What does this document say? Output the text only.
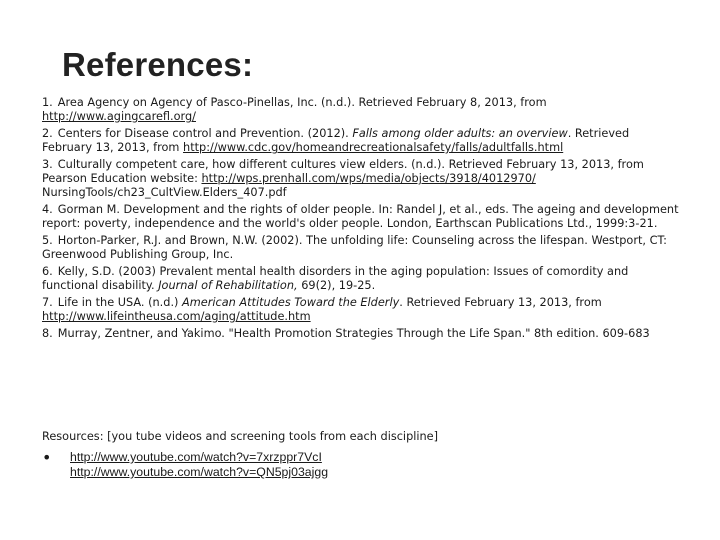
References:
1. Area Agency on Agency of Pasco-Pinellas, Inc. (n.d.). Retrieved February 8, 2013, from http://www.agingcarefl.org/
2. Centers for Disease control and Prevention. (2012). Falls among older adults: an overview. Retrieved February 13, 2013, from http://www.cdc.gov/homeandrecreationalsafety/falls/adultfalls.html
3. Culturally competent care, how different cultures view elders. (n.d.). Retrieved February 13, 2013, from Pearson Education website: http://wps.prenhall.com/wps/media/objects/3918/4012970/ NursingTools/ch23_CultView.Elders_407.pdf
4. Gorman M. Development and the rights of older people. In: Randel J, et al., eds. The ageing and development report: poverty, independence and the world's older people. London, Earthscan Publications Ltd., 1999:3-21.
5. Horton-Parker, R.J. and Brown, N.W. (2002). The unfolding life: Counseling across the lifespan. Westport, CT: Greenwood Publishing Group, Inc.
6. Kelly, S.D. (2003) Prevalent mental health disorders in the aging population: Issues of comordity and functional disability. Journal of Rehabilitation, 69(2), 19-25.
7. Life in the USA. (n.d.) American Attitudes Toward the Elderly. Retrieved February 13, 2013, from http://www.lifeintheusa.com/aging/attitude.htm
8. Murray, Zentner, and Yakimo. "Health Promotion Strategies Through the Life Span." 8th edition. 609-683
Resources: [you tube videos and screening tools from each discipline]
• http://www.youtube.com/watch?v=7xrzppr7VcI
http://www.youtube.com/watch?v=QN5pj03ajgg
